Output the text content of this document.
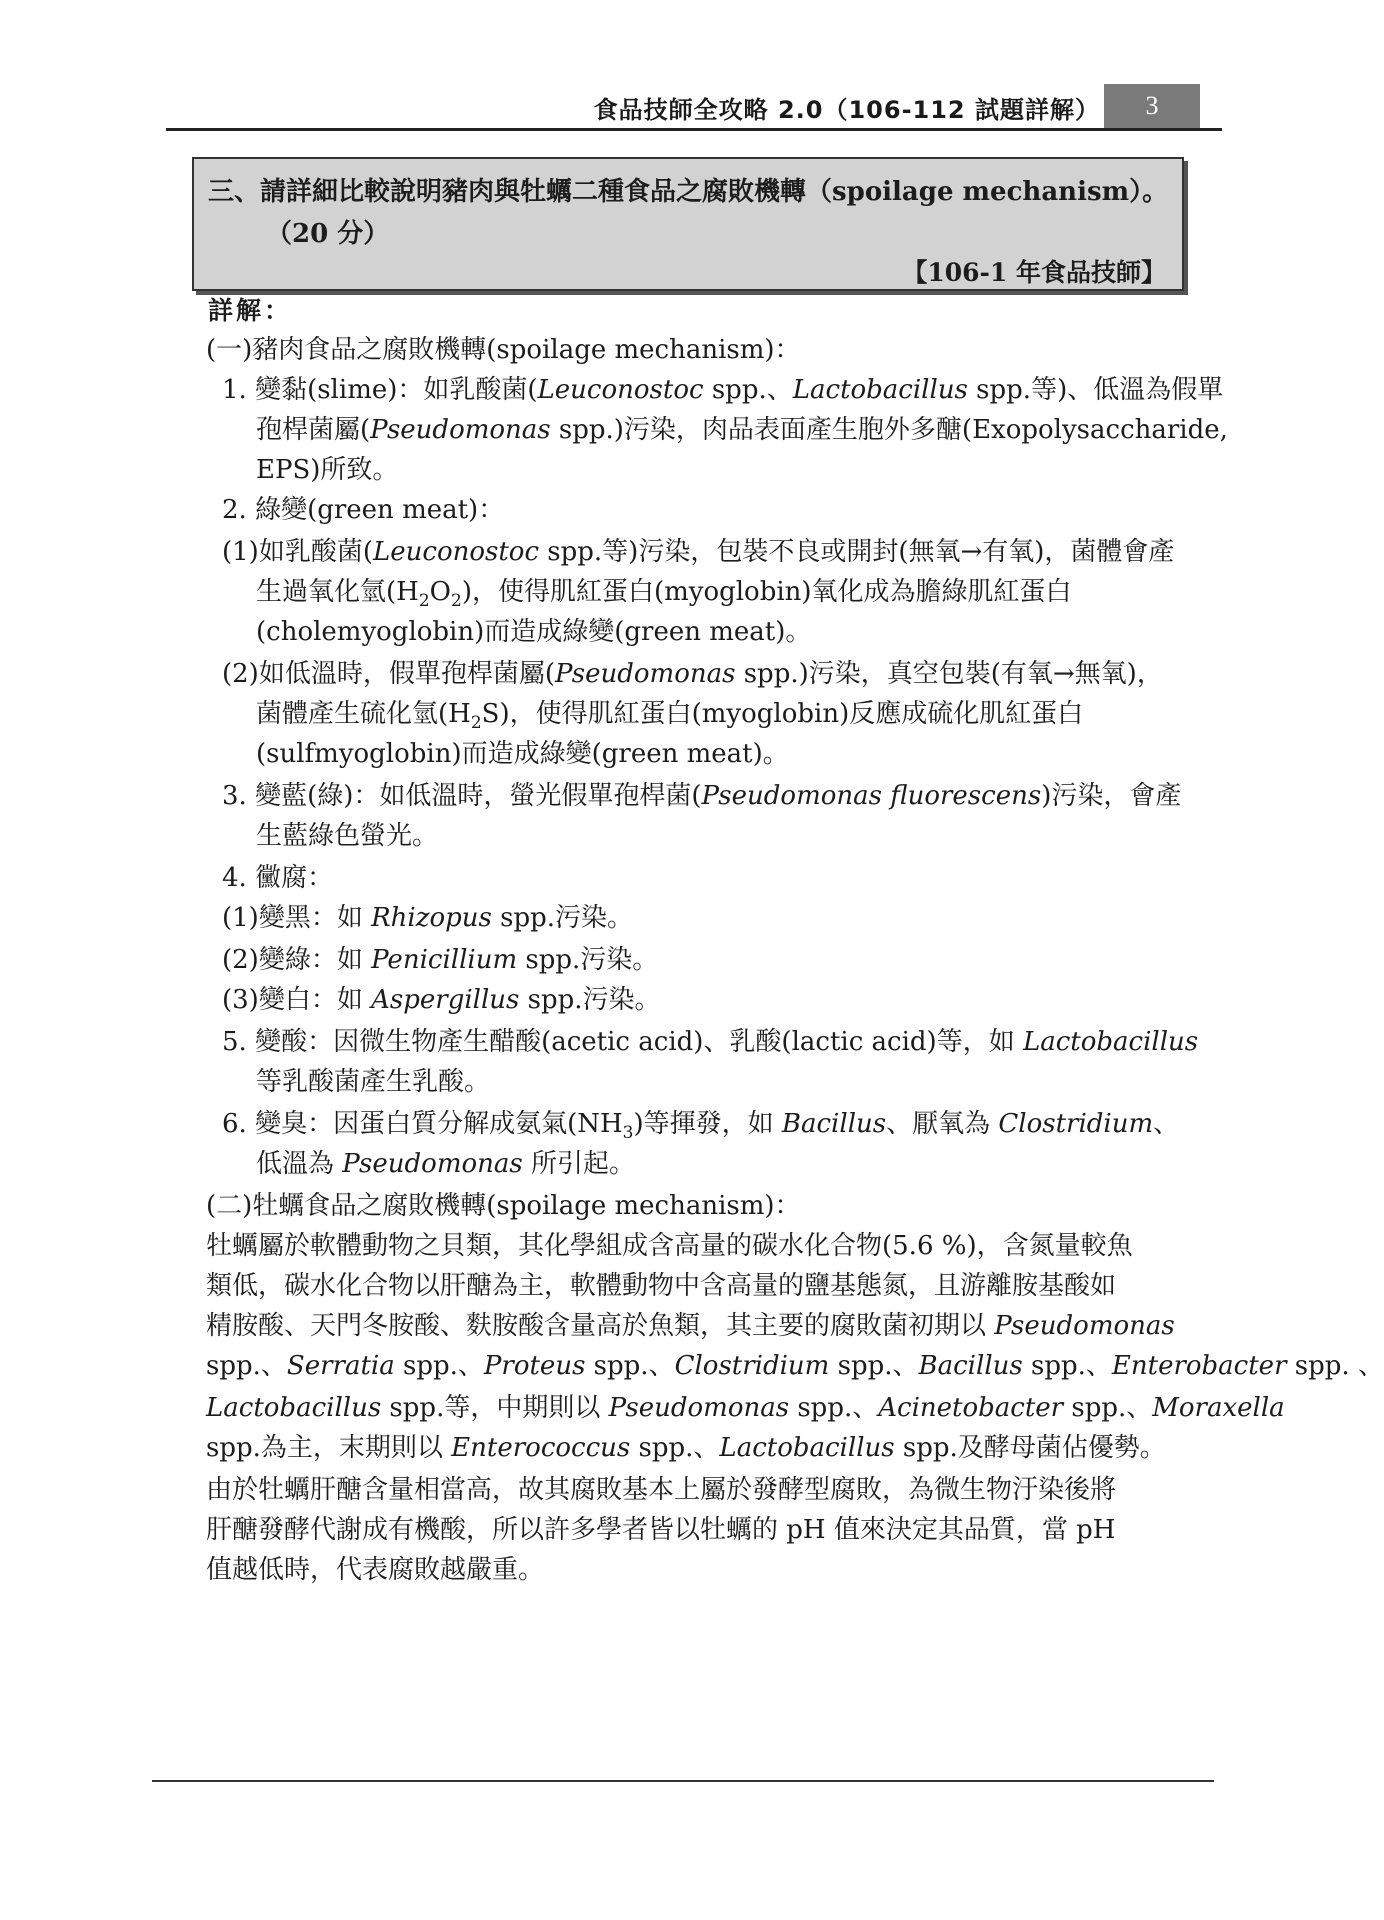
食品技師全攻略 2.0（106-112 試題詳解）	3
三、請詳細比較說明豬肉與牡蠣二種食品之腐敗機轉（spoilage mechanism）。
（20 分）
【106-1 年食品技師】
詳解：
(一)豬肉食品之腐敗機轉(spoilage mechanism)：
1. 變黏(slime)：如乳酸菌(Leuconostoc spp.、Lactobacillus spp.等)、低溫為假單
孢桿菌屬(Pseudomonas spp.)污染，肉品表面產生胞外多醣(Exopolysaccharide,
EPS)所致。
2. 綠變(green meat)：
(1)如乳酸菌(Leuconostoc spp.等)污染，包裝不良或開封(無氧→有氧)，菌體會產
生過氧化氫$(H_2O_2)$，使得肌紅蛋白(myoglobin)氧化成為膽綠肌紅蛋白
(cholemyoglobin)而造成綠變(green meat)。
(2)如低溫時，假單孢桿菌屬(Pseudomonas spp.)污染，真空包裝(有氧→無氧)，
菌體產生硫化氫$(H_2S)$，使得肌紅蛋白(myoglobin)反應成硫化肌紅蛋白
(sulfmyoglobin)而造成綠變(green meat)。
3. 變藍(綠)：如低溫時，螢光假單孢桿菌(Pseudomonas fluorescens)污染，會產
生藍綠色螢光。
4. 黴腐：
(1)變黑：如 Rhizopus spp.污染。
(2)變綠：如 Penicillium spp.污染。
(3)變白：如 Aspergillus spp.污染。
5. 變酸：因微生物產生醋酸(acetic acid)、乳酸(lactic acid)等，如 Lactobacillus
等乳酸菌產生乳酸。
6. 變臭：因蛋白質分解成氨氣$(NH_3)$等揮發，如 Bacillus、厭氧為 Clostridium、
低溫為 Pseudomonas 所引起。
(二)牡蠣食品之腐敗機轉(spoilage mechanism)：
牡蠣屬於軟體動物之貝類，其化學組成含高量的碳水化合物(5.6 %)，含氮量較魚
類低，碳水化合物以肝醣為主，軟體動物中含高量的鹽基態氮，且游離胺基酸如
精胺酸、天門冬胺酸、麩胺酸含量高於魚類，其主要的腐敗菌初期以 Pseudomonas
spp.、Serratia spp.、Proteus spp.、Clostridium spp.、Bacillus spp.、Enterobacter spp. 、
Lactobacillus spp.等，中期則以 Pseudomonas spp.、Acinetobacter spp.、Moraxella
spp.為主，末期則以 Enterococcus spp.、Lactobacillus spp.及酵母菌佔優勢。
由於牡蠣肝醣含量相當高，故其腐敗基本上屬於發酵型腐敗，為微生物汙染後將
肝醣發酵代謝成有機酸，所以許多學者皆以牡蠣的 pH 值來決定其品質，當 pH
值越低時，代表腐敗越嚴重。
